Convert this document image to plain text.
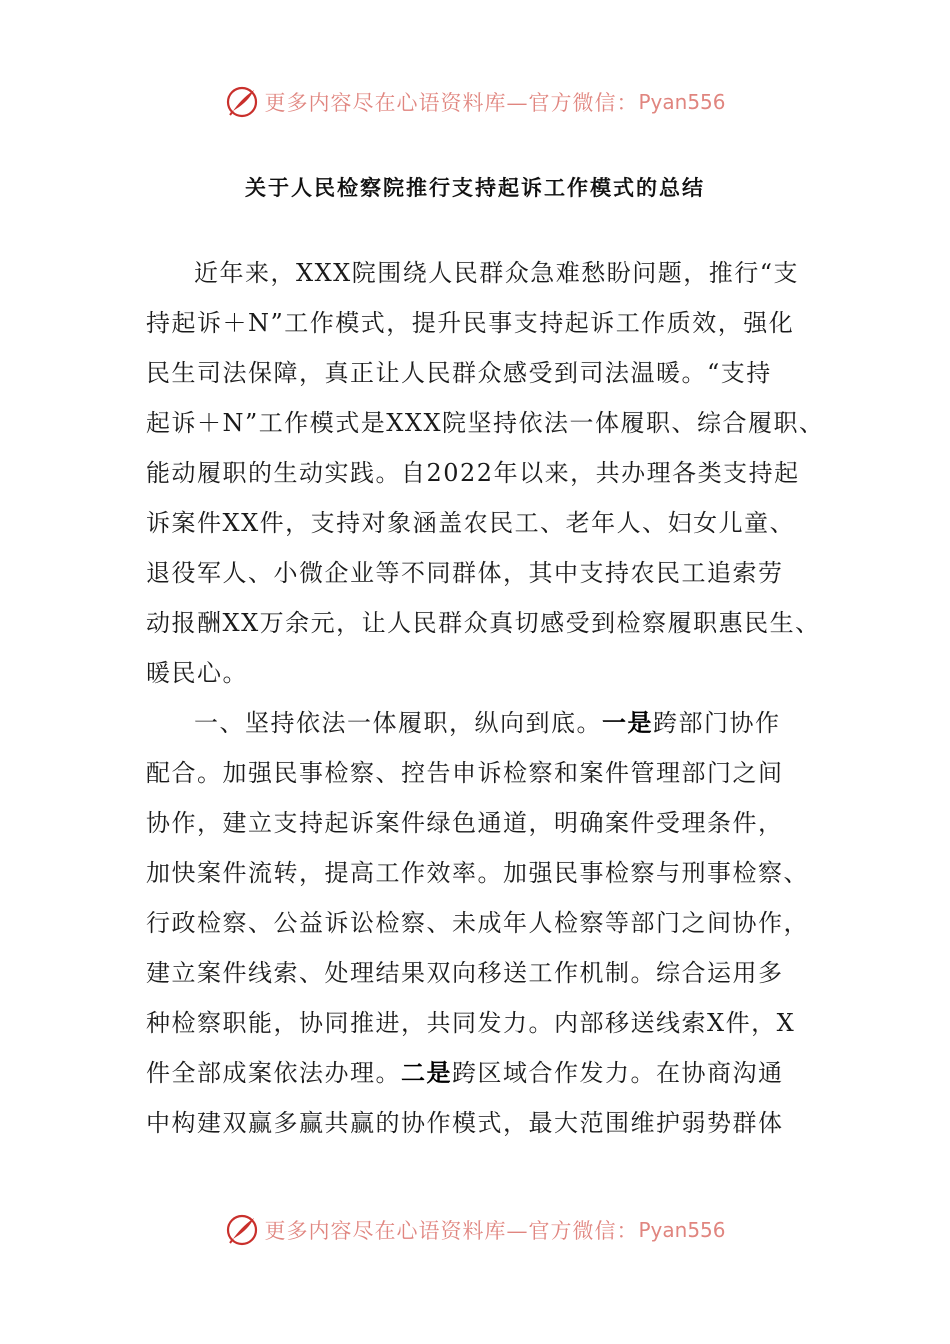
更多内容尽在心语资料库—官方微信： Pyan556
关于人民检察院推行支持起诉工作模式的总结
近年来，XXX院围绕人民群众急难愁盼问题，推行“支
持起诉＋N”工作模式，提升民事支持起诉工作质效，强化
民生司法保障，真正让人民群众感受到司法温暖。“支持
起诉＋N”工作模式是XXX院坚持依法一体履职、综合履职、
能动履职的生动实践。自2022年以来，共办理各类支持起
诉案件XX件，支持对象涵盖农民工、老年人、妇女儿童、
退役军人、小微企业等不同群体，其中支持农民工追索劳
动报酬XX万余元，让人民群众真切感受到检察履职惠民生、
暖民心。
一、坚持依法一体履职，纵向到底。一是跨部门协作
配合。加强民事检察、控告申诉检察和案件管理部门之间
协作，建立支持起诉案件绿色通道，明确案件受理条件，
加快案件流转，提高工作效率。加强民事检察与刑事检察、
行政检察、公益诉讼检察、未成年人检察等部门之间协作，
建立案件线索、处理结果双向移送工作机制。综合运用多
种检察职能，协同推进，共同发力。内部移送线索X件，X
件全部成案依法办理。二是跨区域合作发力。在协商沟通
中构建双赢多赢共赢的协作模式，最大范围维护弱势群体
更多内容尽在心语资料库—官方微信： Pyan556
